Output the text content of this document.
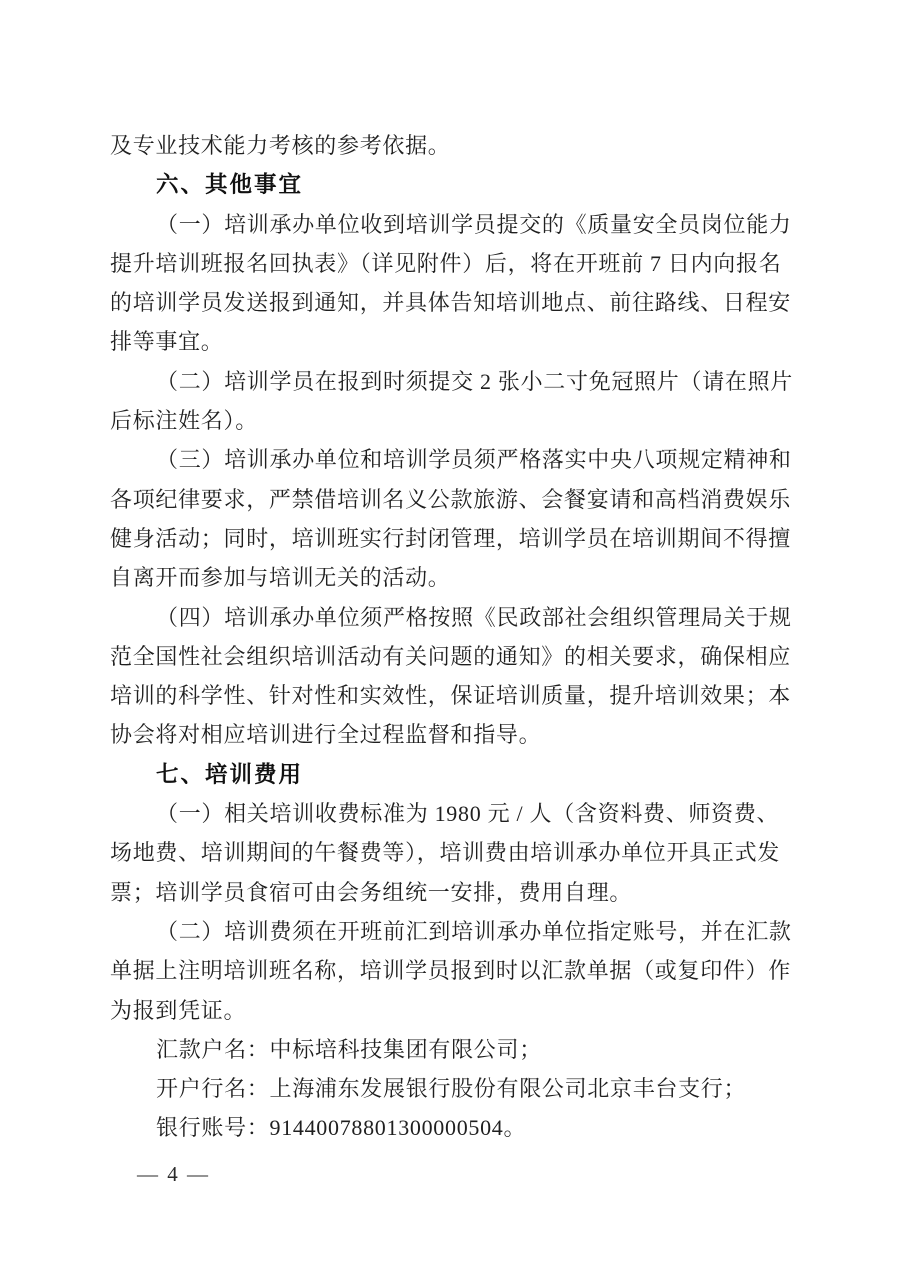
及专业技术能力考核的参考依据。
六、其他事宜
（一）培训承办单位收到培训学员提交的《质量安全员岗位能力
提升培训班报名回执表》（详见附件）后，将在开班前 7 日内向报名
的培训学员发送报到通知，并具体告知培训地点、前往路线、日程安
排等事宜。
（二）培训学员在报到时须提交 2 张小二寸免冠照片（请在照片
后标注姓名）。
（三）培训承办单位和培训学员须严格落实中央八项规定精神和
各项纪律要求，严禁借培训名义公款旅游、会餐宴请和高档消费娱乐
健身活动；同时，培训班实行封闭管理，培训学员在培训期间不得擅
自离开而参加与培训无关的活动。
（四）培训承办单位须严格按照《民政部社会组织管理局关于规
范全国性社会组织培训活动有关问题的通知》的相关要求，确保相应
培训的科学性、针对性和实效性，保证培训质量，提升培训效果；本
协会将对相应培训进行全过程监督和指导。
七、培训费用
（一）相关培训收费标准为 1980 元 / 人（含资料费、师资费、
场地费、培训期间的午餐费等），培训费由培训承办单位开具正式发
票；培训学员食宿可由会务组统一安排，费用自理。
（二）培训费须在开班前汇到培训承办单位指定账号，并在汇款
单据上注明培训班名称，培训学员报到时以汇款单据（或复印件）作
为报到凭证。
汇款户名：中标培科技集团有限公司；
开户行名：上海浦东发展银行股份有限公司北京丰台支行；
银行账号：91440078801300000504。
— 4 —
